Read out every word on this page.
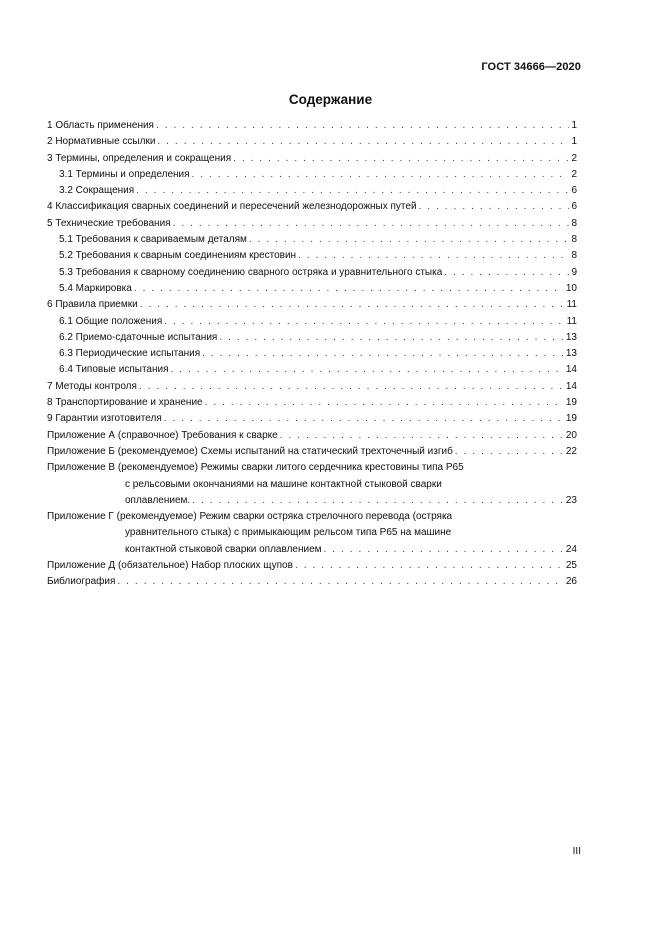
ГОСТ 34666—2020
Содержание
1 Область применения . . .	1
2 Нормативные ссылки . . .	1
3 Термины, определения и сокращения . . .	2
3.1 Термины и определения . . .	2
3.2 Сокращения . . .	6
4 Классификация сварных соединений и пересечений железнодорожных путей . . .	6
5 Технические требования . . .	8
5.1 Требования к свариваемым деталям . . .	8
5.2 Требования к сварным соединениям крестовин . . .	8
5.3 Требования к сварному соединению сварного остряка и уравнительного стыка . . .	9
5.4 Маркировка . . .	10
6 Правила приемки . . .	11
6.1 Общие положения . . .	11
6.2 Приемо-сдаточные испытания . . .	13
6.3 Периодические испытания . . .	13
6.4 Типовые испытания . . .	14
7 Методы контроля . . .	14
8 Транспортирование и хранение . . .	19
9 Гарантии изготовителя . . .	19
Приложение А (справочное) Требования к сварке . . .	20
Приложение Б (рекомендуемое) Схемы испытаний на статический трехточечный изгиб . . .	22
Приложение В (рекомендуемое) Режимы сварки литого сердечника крестовины типа Р65
с рельсовыми окончаниями на машине контактной стыковой сварки
оплавлением. . . .	23
Приложение Г (рекомендуемое) Режим сварки остряка стрелочного перевода (остряка
уравнительного стыка) с примыкающим рельсом типа Р65 на машине
контактной стыковой сварки оплавлением . . .	24
Приложение Д (обязательное) Набор плоских щупов . . .	25
Библиография . . .	26
III
